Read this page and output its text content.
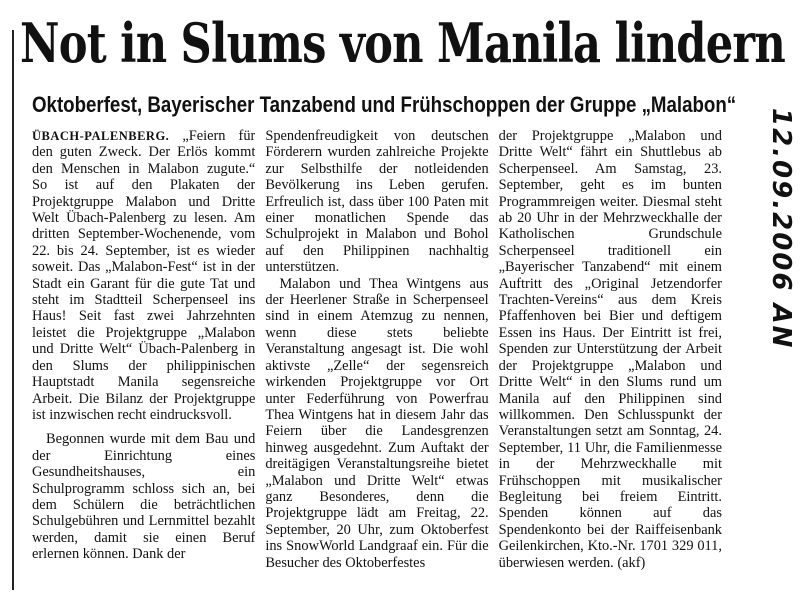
Not in Slums von Manila lindern
Oktoberfest, Bayerischer Tanzabend und Frühschoppen der Gruppe „Malabon“

ÜBACH-PALENBERG. „Feiern für den guten Zweck. Der Erlös kommt den Menschen in Malabon zugute.“ So ist auf den Plakaten der Projektgruppe Malabon und Dritte Welt Übach-Palenberg zu lesen. Am dritten September-Wochenende, vom 22. bis 24. September, ist es wieder soweit. Das „Malabon-Fest“ ist in der Stadt ein Garant für die gute Tat und steht im Stadtteil Scherpenseel ins Haus! Seit fast zwei Jahrzehnten leistet die Projektgruppe „Malabon und Dritte Welt“ Übach-Palenberg in den Slums der philippinischen Hauptstadt Manila segensreiche Arbeit. Die Bilanz der Projektgruppe ist inzwischen recht eindrucksvoll.

Begonnen wurde mit dem Bau und der Einrichtung eines Gesundheitshauses, ein Schulprogramm schloss sich an, bei dem Schülern die beträchtlichen Schulgebühren und Lernmittel bezahlt werden, damit sie einen Beruf erlernen können. Dank der

Spendenfreudigkeit von deutschen Förderern wurden zahlreiche Projekte zur Selbsthilfe der notleidenden Bevölkerung ins Leben gerufen. Erfreulich ist, dass über 100 Paten mit einer monatlichen Spende das Schulprojekt in Malabon und Bohol auf den Philippinen nachhaltig unterstützen.

Malabon und Thea Wintgens aus der Heerlener Straße in Scherpenseel sind in einem Atemzug zu nennen, wenn diese stets beliebte Veranstaltung angesagt ist. Die wohl aktivste „Zelle“ der segensreich wirkenden Projektgruppe vor Ort unter Federführung von Powerfrau Thea Wintgens hat in diesem Jahr das Feiern über die Landesgrenzen hinweg ausgedehnt. Zum Auftakt der dreitägigen Veranstaltungsreihe bietet „Malabon und Dritte Welt“ etwas ganz Besonderes, denn die Projektgruppe lädt am Freitag, 22. September, 20 Uhr, zum Oktoberfest ins SnowWorld Landgraaf ein. Für die Besucher des Oktoberfestes

der Projektgruppe „Malabon und Dritte Welt“ fährt ein Shuttlebus ab Scherpenseel. Am Samstag, 23. September, geht es im bunten Programmreigen weiter. Diesmal steht ab 20 Uhr in der Mehrzweckhalle der Katholischen Grundschule Scherpenseel traditionell ein „Bayerischer Tanzabend“ mit einem Auftritt des „Original Jetzendorfer Trachten-Vereins“ aus dem Kreis Pfaffenhoven bei Bier und deftigem Essen ins Haus. Der Eintritt ist frei, Spenden zur Unterstützung der Arbeit der Projektgruppe „Malabon und Dritte Welt“ in den Slums rund um Manila auf den Philippinen sind willkommen. Den Schlusspunkt der Veranstaltungen setzt am Sonntag, 24. September, 11 Uhr, die Familienmesse in der Mehrzweckhalle mit Frühschoppen mit musikalischer Begleitung bei freiem Eintritt. Spenden können auf das Spendenkonto bei der Raiffeisenbank Geilenkirchen, Kto.-Nr. 1701 329 011, überwiesen werden. (akf)

12.09.2006 AN
